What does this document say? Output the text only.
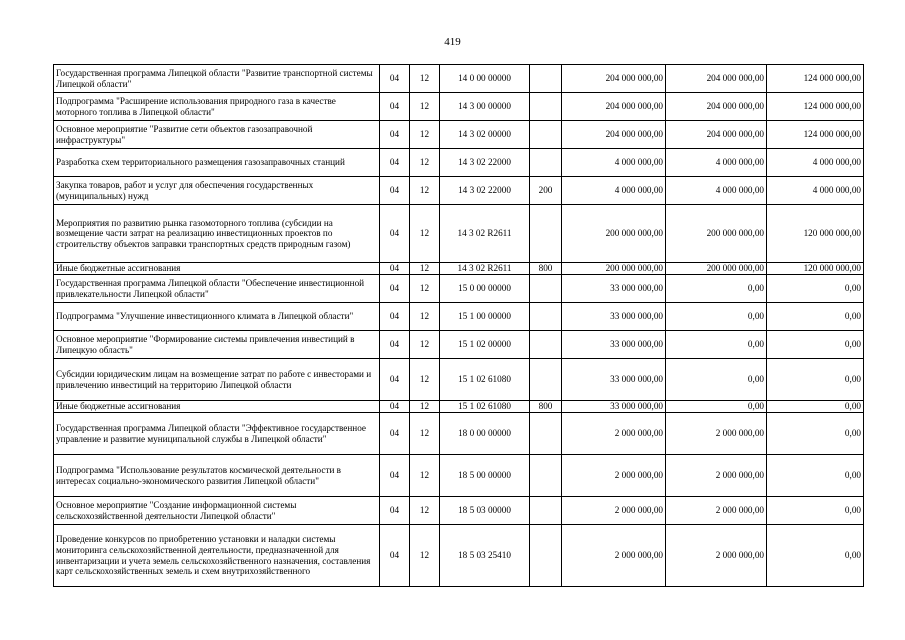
419
Государственная программа Липецкой области "Развитие транспортной системы Липецкой области"	04	12	14 0 00 00000		204 000 000,00	204 000 000,00	124 000 000,00
Подпрограмма "Расширение использования природного газа в качестве моторного топлива в Липецкой области"	04	12	14 3 00 00000		204 000 000,00	204 000 000,00	124 000 000,00
Основное мероприятие "Развитие сети объектов газозаправочной инфраструктуры"	04	12	14 3 02 00000		204 000 000,00	204 000 000,00	124 000 000,00
Разработка схем территориального размещения газозаправочных станций	04	12	14 3 02 22000		4 000 000,00	4 000 000,00	4 000 000,00
Закупка товаров, работ и услуг для обеспечения государственных (муниципальных) нужд	04	12	14 3 02 22000	200	4 000 000,00	4 000 000,00	4 000 000,00
Мероприятия по развитию рынка газомоторного топлива (субсидии на возмещение части затрат на реализацию инвестиционных проектов по строительству объектов заправки транспортных средств природным газом)	04	12	14 3 02 R2611		200 000 000,00	200 000 000,00	120 000 000,00
Иные бюджетные ассигнования	04	12	14 3 02 R2611	800	200 000 000,00	200 000 000,00	120 000 000,00
Государственная программа Липецкой области "Обеспечение инвестиционной привлекательности Липецкой области"	04	12	15 0 00 00000		33 000 000,00	0,00	0,00
Подпрограмма "Улучшение инвестиционного климата в Липецкой области"	04	12	15 1 00 00000		33 000 000,00	0,00	0,00
Основное мероприятие "Формирование системы привлечения инвестиций в Липецкую область"	04	12	15 1 02 00000		33 000 000,00	0,00	0,00
Субсидии юридическим лицам на возмещение затрат по работе с инвесторами и привлечению инвестиций на территорию Липецкой области	04	12	15 1 02 61080		33 000 000,00	0,00	0,00
Иные бюджетные ассигнования	04	12	15 1 02 61080	800	33 000 000,00	0,00	0,00
Государственная программа Липецкой области "Эффективное государственное управление и развитие муниципальной службы в Липецкой области"	04	12	18 0 00 00000		2 000 000,00	2 000 000,00	0,00
Подпрограмма "Использование результатов космической деятельности в интересах социально-экономического развития Липецкой области"	04	12	18 5 00 00000		2 000 000,00	2 000 000,00	0,00
Основное мероприятие "Создание информационной системы сельскохозяйственной деятельности Липецкой области"	04	12	18 5 03 00000		2 000 000,00	2 000 000,00	0,00
Проведение конкурсов по приобретению установки и наладки системы мониторинга сельскохозяйственной деятельности, предназначенной для инвентаризации и учета земель сельскохозяйственного назначения, составления карт сельскохозяйственных земель и схем внутрихозяйственного	04	12	18 5 03 25410		2 000 000,00	2 000 000,00	0,00
